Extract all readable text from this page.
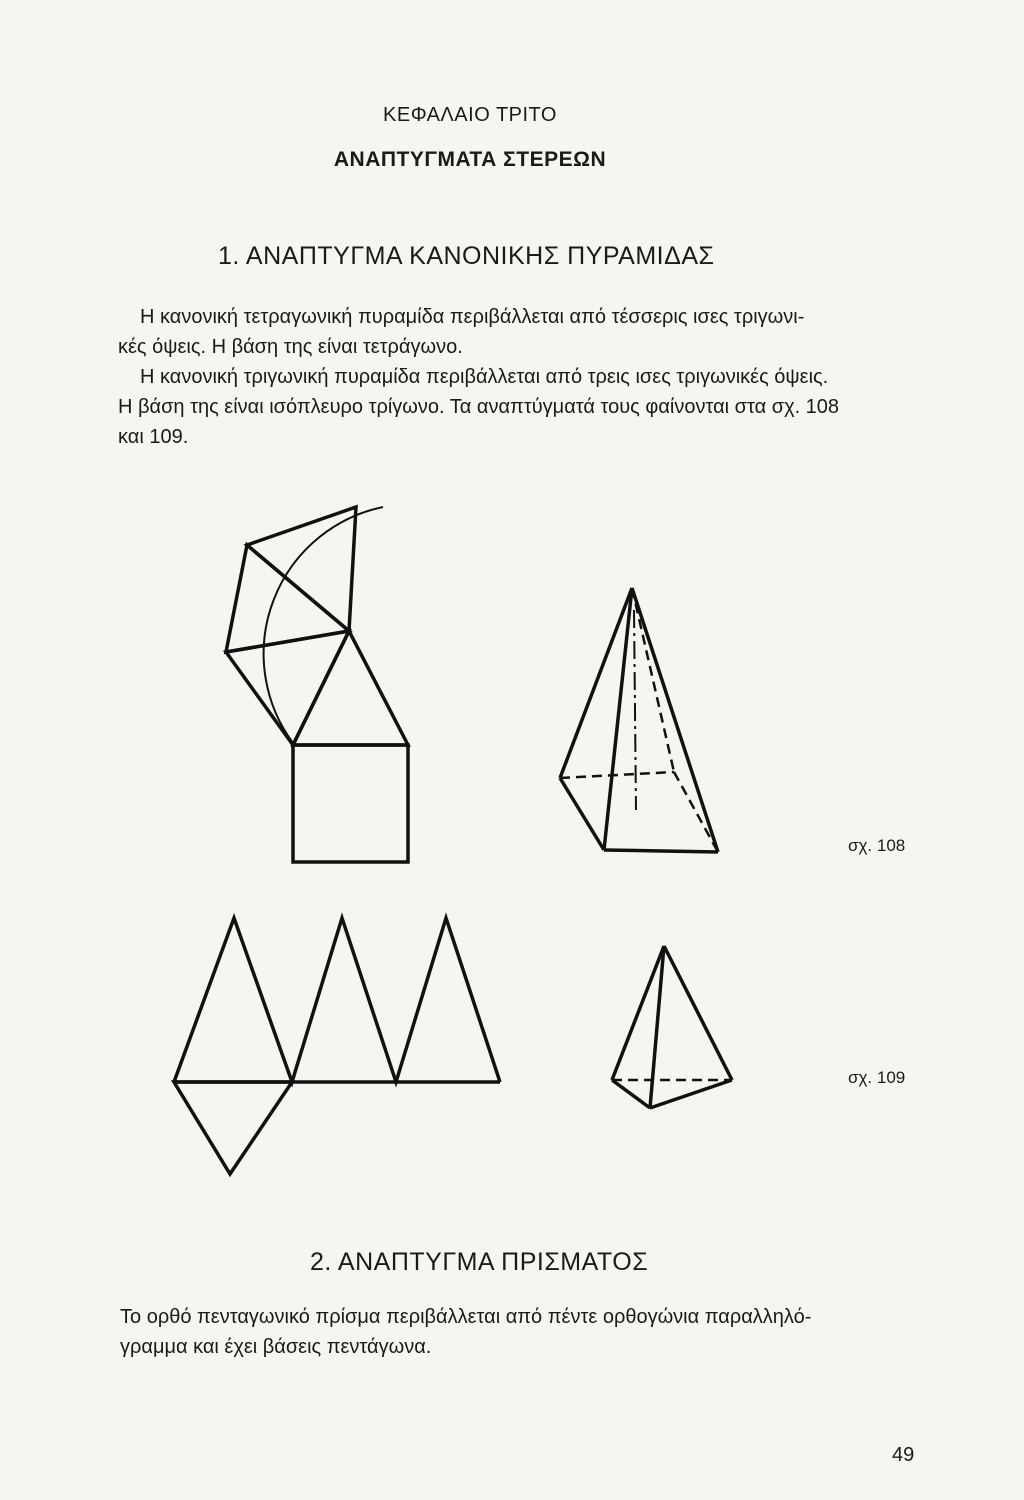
ΚΕΦΑΛΑΙΟ ΤΡΙΤΟ
ΑΝΑΠΤΥΓΜΑΤΑ ΣΤΕΡΕΩΝ
1. ΑΝΑΠΤΥΓΜΑ ΚΑΝΟΝΙΚΗΣ ΠΥΡΑΜΙΔΑΣ
Η κανονική τετραγωνική πυραμίδα περιβάλλεται από τέσσερις ισες τριγωνι-
κές όψεις. Η βάση της είναι τετράγωνο.
Η κανονική τριγωνική πυραμίδα περιβάλλεται από τρεις ισες τριγωνικές όψεις.
Η βάση της είναι ισόπλευρο τρίγωνο. Τα αναπτύγματά τους φαίνονται στα σχ. 108
και 109.
σχ. 108
σχ. 109
2. ΑΝΑΠΤΥΓΜΑ ΠΡΙΣΜΑΤΟΣ
Το ορθό πενταγωνικό πρίσμα περιβάλλεται από πέντε ορθογώνια παραλληλό-
γραμμα και έχει βάσεις πεντάγωνα.
49
